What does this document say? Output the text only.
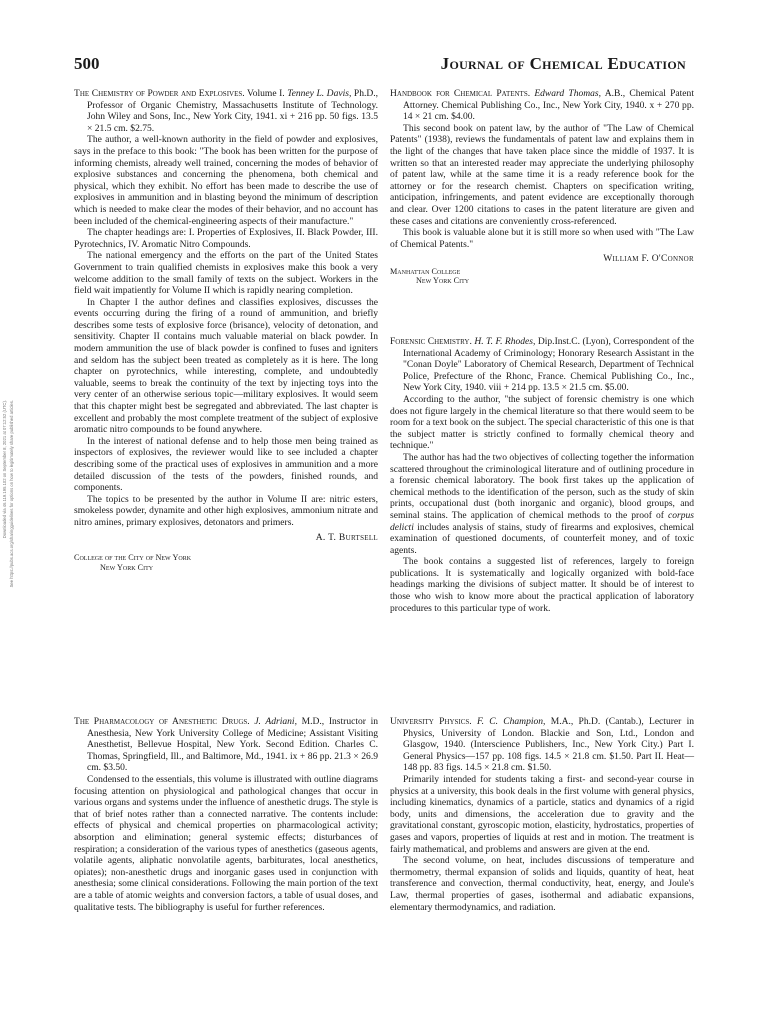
500	Journal of Chemical Education
Downloaded via 46.119.195.102 on September 8, 2021 at 07:12:52 (UTC). See https://pubs.acs.org/sharingguidelines for options on how to legitimately share published articles.

The Chemistry of Powder and Explosives. Volume I. Tenney L. Davis, Ph.D., Professor of Organic Chemistry, Massachusetts Institute of Technology. John Wiley and Sons, Inc., New York City, 1941. xi + 216 pp. 50 figs. 13.5 × 21.5 cm. $2.75.

The author, a well-known authority in the field of powder and explosives, says in the preface to this book: "The book has been written for the purpose of informing chemists, already well trained, concerning the modes of behavior of explosive substances and concerning the phenomena, both chemical and physical, which they exhibit. No effort has been made to describe the use of explosives in ammunition and in blasting beyond the minimum of description which is needed to make clear the modes of their behavior, and no account has been included of the chemical-engineering aspects of their manufacture."

The chapter headings are: I. Properties of Explosives, II. Black Powder, III. Pyrotechnics, IV. Aromatic Nitro Compounds.

The national emergency and the efforts on the part of the United States Government to train qualified chemists in explosives make this book a very welcome addition to the small family of texts on the subject. Workers in the field wait impatiently for Volume II which is rapidly nearing completion.

In Chapter I the author defines and classifies explosives, discusses the events occurring during the firing of a round of ammunition, and briefly describes some tests of explosive force (brisance), velocity of detonation, and sensitivity. Chapter II contains much valuable material on black powder. In modern ammunition the use of black powder is confined to fuses and igniters and seldom has the subject been treated as completely as it is here. The long chapter on pyrotechnics, while interesting, complete, and undoubtedly valuable, seems to break the continuity of the text by injecting toys into the very center of an otherwise serious topic—military explosives. It would seem that this chapter might best be segregated and abbreviated. The last chapter is excellent and probably the most complete treatment of the subject of explosive aromatic nitro compounds to be found anywhere.

In the interest of national defense and to help those men being trained as inspectors of explosives, the reviewer would like to see included a chapter describing some of the practical uses of explosives in ammunition and a more detailed discussion of the tests of the powders, finished rounds, and components.

The topics to be presented by the author in Volume II are: nitric esters, smokeless powder, dynamite and other high explosives, ammonium nitrate and nitro amines, primary explosives, detonators and primers.

A. T. Burtsell
College of the City of New York
New York City

Handbook for Chemical Patents. Edward Thomas, A.B., Chemical Patent Attorney. Chemical Publishing Co., Inc., New York City, 1940. x + 270 pp. 14 × 21 cm. $4.00.

This second book on patent law, by the author of "The Law of Chemical Patents" (1938), reviews the fundamentals of patent law and explains them in the light of the changes that have taken place since the middle of 1937. It is written so that an interested reader may appreciate the underlying philosophy of patent law, while at the same time it is a ready reference book for the attorney or for the research chemist. Chapters on specification writing, anticipation, infringements, and patent evidence are exceptionally thorough and clear. Over 1200 citations to cases in the patent literature are given and these cases and citations are conveniently cross-referenced.

This book is valuable alone but it is still more so when used with "The Law of Chemical Patents."

William F. O'Connor
Manhattan College
New York City

Forensic Chemistry. H. T. F. Rhodes, Dip.Inst.C. (Lyon), Correspondent of the International Academy of Criminology; Honorary Research Assistant in the "Conan Doyle" Laboratory of Chemical Research, Department of Technical Police, Prefecture of the Rhonc, France. Chemical Publishing Co., Inc., New York City, 1940. viii + 214 pp. 13.5 × 21.5 cm. $5.00.

According to the author, "the subject of forensic chemistry is one which does not figure largely in the chemical literature so that there would seem to be room for a text book on the subject. The special characteristic of this one is that the subject matter is strictly confined to formally chemical theory and technique."

The author has had the two objectives of collecting together the information scattered throughout the criminological literature and of outlining procedure in a forensic chemical laboratory. The book first takes up the application of chemical methods to the identification of the person, such as the study of skin prints, occupational dust (both inorganic and organic), blood groups, and seminal stains. The application of chemical methods to the proof of corpus delicti includes analysis of stains, study of firearms and explosives, chemical examination of questioned documents, of counterfeit money, and of toxic agents.

The book contains a suggested list of references, largely to foreign publications. It is systematically and logically organized with bold-face headings marking the divisions of subject matter. It should be of interest to those who wish to know more about the practical application of laboratory procedures to this particular type of work.

The Pharmacology of Anesthetic Drugs. J. Adriani, M.D., Instructor in Anesthesia, New York University College of Medicine; Assistant Visiting Anesthetist, Bellevue Hospital, New York. Second Edition. Charles C. Thomas, Springfield, Ill., and Baltimore, Md., 1941. ix + 86 pp. 21.3 × 26.9 cm. $3.50.

Condensed to the essentials, this volume is illustrated with outline diagrams focusing attention on physiological and pathological changes that occur in various organs and systems under the influence of anesthetic drugs. The style is that of brief notes rather than a connected narrative. The contents include: effects of physical and chemical properties on pharmacological activity; absorption and elimination; general systemic effects; disturbances of respiration; a consideration of the various types of anesthetics (gaseous agents, volatile agents, aliphatic nonvolatile agents, barbiturates, local anesthetics, opiates); non-anesthetic drugs and inorganic gases used in conjunction with anesthesia; some clinical considerations. Following the main portion of the text are a table of atomic weights and conversion factors, a table of usual doses, and qualitative tests. The bibliography is useful for further references.

University Physics. F. C. Champion, M.A., Ph.D. (Cantab.), Lecturer in Physics, University of London. Blackie and Son, Ltd., London and Glasgow, 1940. (Interscience Publishers, Inc., New York City.) Part I. General Physics—157 pp. 108 figs. 14.5 × 21.8 cm. $1.50. Part II. Heat—148 pp. 83 figs. 14.5 × 21.8 cm. $1.50.

Primarily intended for students taking a first- and second-year course in physics at a university, this book deals in the first volume with general physics, including kinematics, dynamics of a particle, statics and dynamics of a rigid body, units and dimensions, the acceleration due to gravity and the gravitational constant, gyroscopic motion, elasticity, hydrostatics, properties of gases and vapors, properties of liquids at rest and in motion. The treatment is fairly mathematical, and problems and answers are given at the end.

The second volume, on heat, includes discussions of temperature and thermometry, thermal expansion of solids and liquids, quantity of heat, heat transference and convection, thermal conductivity, heat, energy, and Joule's Law, thermal properties of gases, isothermal and adiabatic expansions, elementary thermodynamics, and radiation.
